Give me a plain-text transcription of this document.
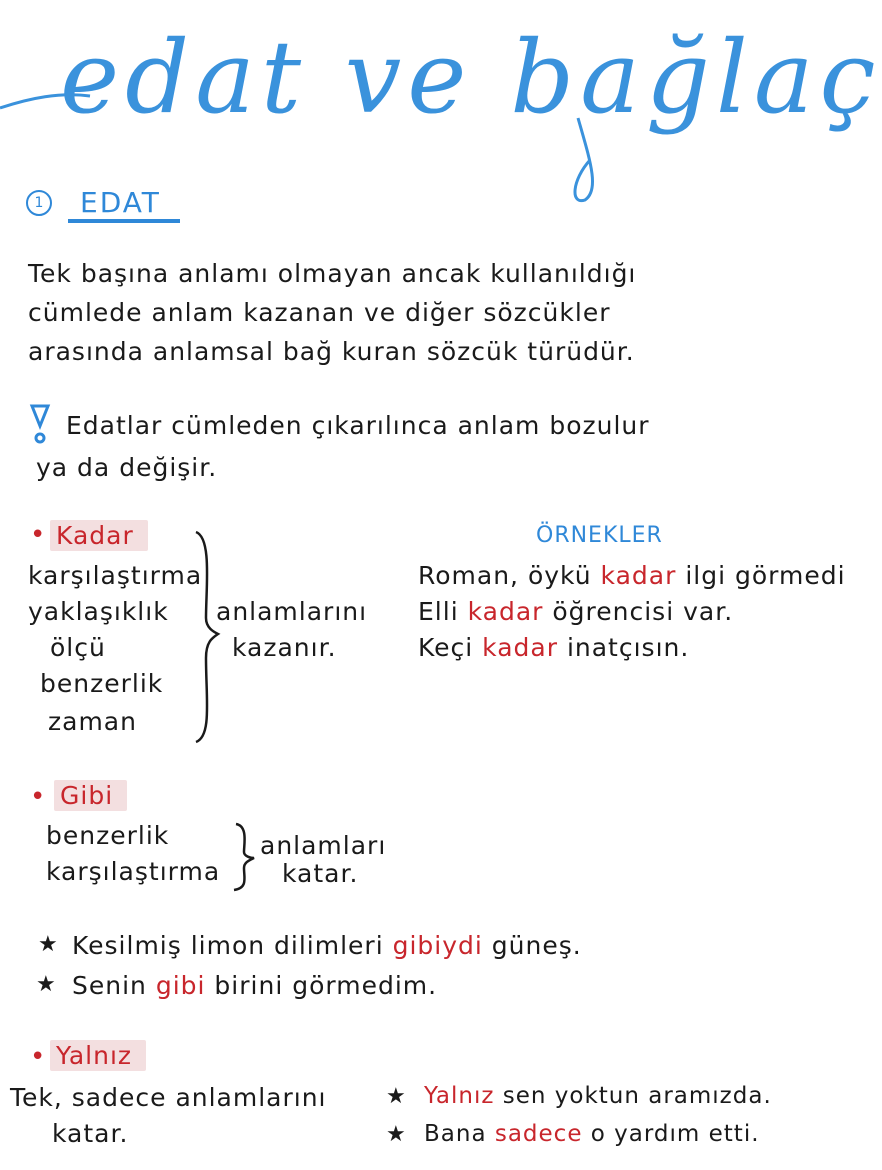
edat ve bağlaç
1	EDAT
Tek başına anlamı olmayan ancak kullanıldığı
cümlede anlam kazanan ve diğer sözcükler
arasında anlamsal bağ kuran sözcük türüdür.
Edatlar cümleden çıkarılınca anlam bozulur
ya da değişir.
• Kadar
karşılaştırma
yaklaşıklık
ölçü
benzerlik
zaman
anlamlarını
kazanır.
ÖRNEKLER
Roman, öykü kadar ilgi görmedi
Elli kadar öğrencisi var.
Keçi kadar inatçısın.
• Gibi
benzerlik
karşılaştırma
anlamları
katar.
★ Kesilmiş limon dilimleri gibiydi güneş.
★ Senin gibi birini görmedim.
• Yalnız
Tek, sadece anlamlarını
katar.
★ Yalnız sen yoktun aramızda.
★ Bana sadece o yardım etti.
